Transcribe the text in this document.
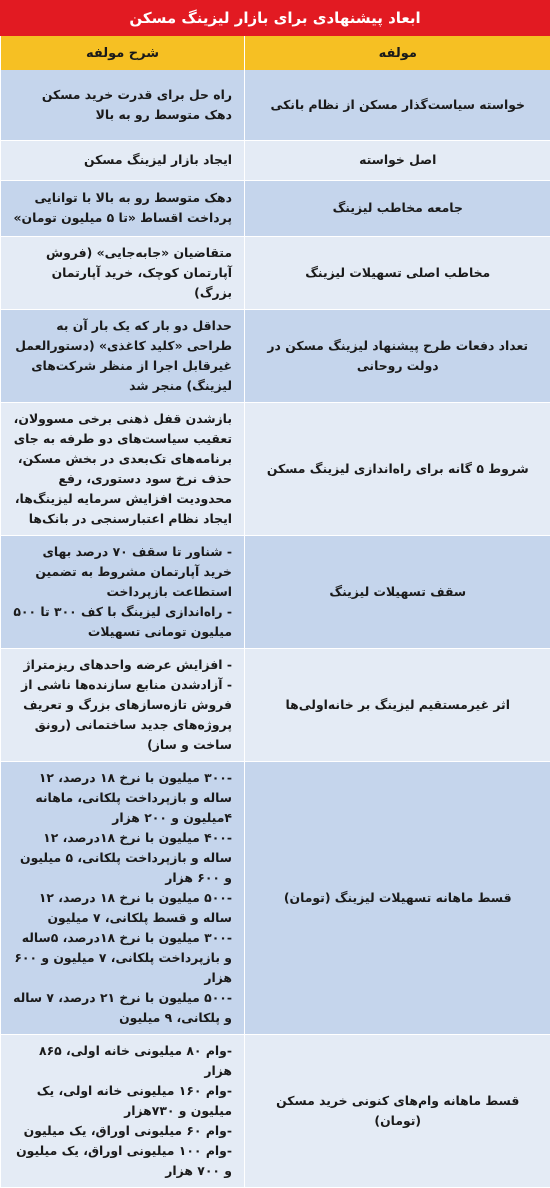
ابعاد پیشنهادی برای بازار لیزینگ مسکن
مولفه	شرح مولفه
خواسته سیاست‌گذار مسکن از نظام بانکی	راه حل برای قدرت خرید مسکن دهک متوسط رو به بالا

اصل خواسته	ایجاد بازار لیزینگ مسکن

جامعه مخاطب لیزینگ	دهک متوسط رو به بالا با توانایی پرداخت اقساط «تا ۵ میلیون تومان»

مخاطب اصلی تسهیلات لیزینگ	متقاضیان «جابه‌جایی» (فروش آپارتمان کوچک، خرید آپارتمان بزرگ)

تعداد دفعات طرح پیشنهاد لیزینگ مسکن در دولت روحانی	حداقل دو بار که یک بار آن به طراحی «کلید کاغذی» (دستورالعمل غیرقابل اجرا از منظر شرکت‌های لیزینگ) منجر شد

شروط ۵ گانه برای راه‌اندازی لیزینگ مسکن	بازشدن قفل ذهنی برخی مسوولان، تعقیب سیاست‌های دو طرفه به جای برنامه‌های تک‌بعدی در بخش مسکن، حذف نرخ سود دستوری، رفع محدودیت افزایش سرمایه لیزینگ‌ها، ایجاد نظام اعتبارسنجی در بانک‌ها

سقف تسهیلات لیزینگ	- شناور تا سقف ۷۰ درصد بهای خرید آپارتمان مشروط به تضمین استطاعت بازپرداخت
- راه‌اندازی لیزینگ با کف ۳۰۰ تا ۵۰۰ میلیون تومانی تسهیلات

اثر غیرمستقیم لیزینگ بر خانه‌اولی‌ها	- افزایش عرضه واحدهای ریزمتراژ
- آزادشدن منابع سازنده‌ها ناشی از فروش تازه‌سازهای بزرگ و تعریف پروژه‌های جدید ساختمانی (رونق ساخت و ساز)

قسط ماهانه تسهیلات لیزینگ (تومان)	-۳۰۰ میلیون با نرخ ۱۸ درصد، ۱۲ ساله و بازپرداخت پلکانی، ماهانه ۴میلیون و ۲۰۰ هزار
-۴۰۰ میلیون با نرخ ۱۸درصد، ۱۲ ساله و بازپرداخت پلکانی، ۵ میلیون و ۶۰۰ هزار
-۵۰۰ میلیون با نرخ ۱۸ درصد، ۱۲ ساله و قسط پلکانی، ۷ میلیون
-۳۰۰ میلیون با نرخ ۱۸درصد، ۵ساله و بازپرداخت پلکانی، ۷ میلیون و ۶۰۰ هزار
-۵۰۰ میلیون با نرخ ۲۱ درصد، ۷ ساله و پلکانی، ۹ میلیون

قسط ماهانه وام‌های کنونی خرید مسکن (تومان)	-وام ۸۰ میلیونی خانه اولی، ۸۶۵ هزار
-وام ۱۶۰ میلیونی خانه اولی، یک میلیون و ۷۳۰هزار
-وام ۶۰ میلیونی اوراق، یک میلیون
-وام ۱۰۰ میلیونی اوراق، یک میلیون و ۷۰۰ هزار
